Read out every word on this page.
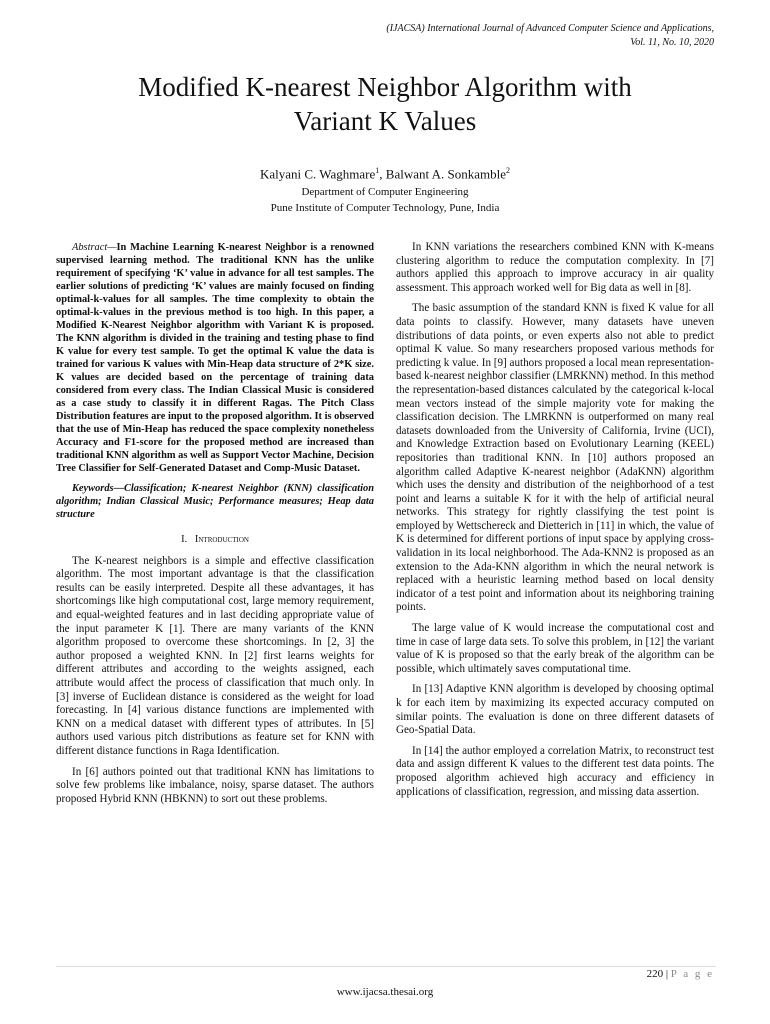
(IJACSA) International Journal of Advanced Computer Science and Applications,
Vol. 11, No. 10, 2020
Modified K-nearest Neighbor Algorithm with
Variant K Values
Kalyani C. Waghmare$^1$, Balwant A. Sonkamble$^2$
Department of Computer Engineering
Pune Institute of Computer Technology, Pune, India

Abstract—In Machine Learning K-nearest Neighbor is a renowned supervised learning method. The traditional KNN has the unlike requirement of specifying ‘K’ value in advance for all test samples. The earlier solutions of predicting ‘K’ values are mainly focused on finding optimal-k-values for all samples. The time complexity to obtain the optimal-k-values in the previous method is too high. In this paper, a Modified K-Nearest Neighbor algorithm with Variant K is proposed. The KNN algorithm is divided in the training and testing phase to find K value for every test sample. To get the optimal K value the data is trained for various K values with Min-Heap data structure of 2*K size. K values are decided based on the percentage of training data considered from every class. The Indian Classical Music is considered as a case study to classify it in different Ragas. The Pitch Class Distribution features are input to the proposed algorithm. It is observed that the use of Min-Heap has reduced the space complexity nonetheless Accuracy and F1-score for the proposed method are increased than traditional KNN algorithm as well as Support Vector Machine, Decision Tree Classifier for Self-Generated Dataset and Comp-Music Dataset.

Keywords—Classification; K-nearest Neighbor (KNN) classification algorithm; Indian Classical Music; Performance measures; Heap data structure

I. Introduction

The K-nearest neighbors is a simple and effective classification algorithm. The most important advantage is that the classification results can be easily interpreted. Despite all these advantages, it has shortcomings like high computational cost, large memory requirement, and equal-weighted features and in last deciding appropriate value of the input parameter K [1]. There are many variants of the KNN algorithm proposed to overcome these shortcomings. In [2, 3] the author proposed a weighted KNN. In [2] first learns weights for different attributes and according to the weights assigned, each attribute would affect the process of classification that much only. In [3] inverse of Euclidean distance is considered as the weight for load forecasting. In [4] various distance functions are implemented with KNN on a medical dataset with different types of attributes. In [5] authors used various pitch distributions as feature set for KNN with different distance functions in Raga Identification.

In [6] authors pointed out that traditional KNN has limitations to solve few problems like imbalance, noisy, sparse dataset. The authors proposed Hybrid KNN (HBKNN) to sort out these problems.

In KNN variations the researchers combined KNN with K-means clustering algorithm to reduce the computation complexity. In [7] authors applied this approach to improve accuracy in air quality assessment. This approach worked well for Big data as well in [8].

The basic assumption of the standard KNN is fixed K value for all data points to classify. However, many datasets have uneven distributions of data points, or even experts also not able to predict optimal K value. So many researchers proposed various methods for predicting k value. In [9] authors proposed a local mean representation-based k-nearest neighbor classifier (LMRKNN) method. In this method the representation-based distances calculated by the categorical k-local mean vectors instead of the simple majority vote for making the classification decision. The LMRKNN is outperformed on many real datasets downloaded from the University of California, Irvine (UCI), and Knowledge Extraction based on Evolutionary Learning (KEEL) repositories than traditional KNN. In [10] authors proposed an algorithm called Adaptive K-nearest neighbor (AdaKNN) algorithm which uses the density and distribution of the neighborhood of a test point and learns a suitable K for it with the help of artificial neural networks. This strategy for rightly classifying the test point is employed by Wettschereck and Dietterich in [11] in which, the value of K is determined for different portions of input space by applying cross-validation in its local neighborhood. The Ada-KNN2 is proposed as an extension to the Ada-KNN algorithm in which the neural network is replaced with a heuristic learning method based on local density indicator of a test point and information about its neighboring training points.

The large value of K would increase the computational cost and time in case of large data sets. To solve this problem, in [12] the variant value of K is proposed so that the early break of the algorithm can be possible, which ultimately saves computational time.

In [13] Adaptive KNN algorithm is developed by choosing optimal k for each item by maximizing its expected accuracy computed on similar points. The evaluation is done on three different datasets of Geo-Spatial Data.

In [14] the author employed a correlation Matrix, to reconstruct test data and assign different K values to the different test data points. The proposed algorithm achieved high accuracy and efficiency in applications of classification, regression, and missing data assertion.

220 | P a g e
www.ijacsa.thesai.org
